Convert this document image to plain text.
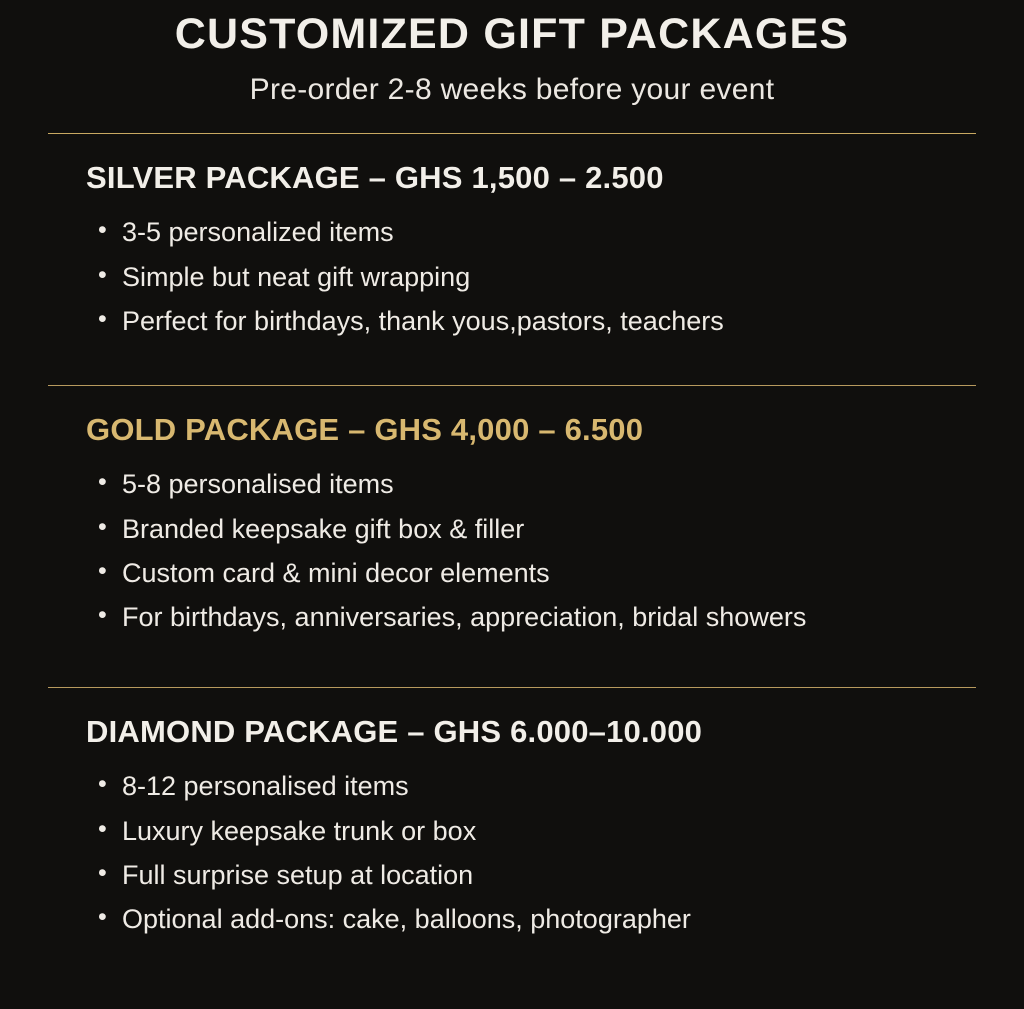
CUSTOMIZED GIFT PACKAGES
Pre-order 2-8 weeks before your event
SILVER PACKAGE – GHS 1,500 – 2.500
• 3-5 personalized items
• Simple but neat gift wrapping
• Perfect for birthdays, thank yous,pastors, teachers
GOLD PACKAGE – GHS 4,000 – 6.500
• 5-8 personalised items
• Branded keepsake gift box & filler
• Custom card & mini decor elements
• For birthdays, anniversaries, appreciation, bridal showers
DIAMOND PACKAGE – GHS 6.000–10.000
• 8-12 personalised items
• Luxury keepsake trunk or box
• Full surprise setup at location
• Optional add-ons: cake, balloons, photographer
